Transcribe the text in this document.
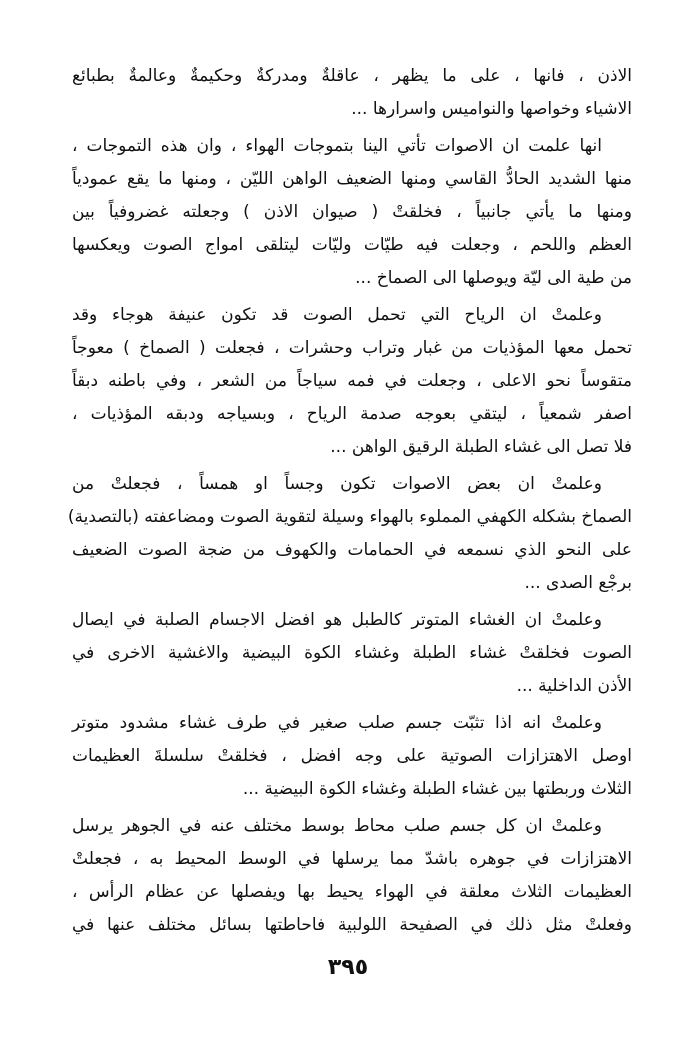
الاذن ، فانها ، على ما يظهر ، عاقلةٌ ومدركةٌ وحكيمةٌ وعالمةٌ بطبائع
الاشياء وخواصها والنواميس واسرارها ...
انها علمت ان الاصوات تأتي الينا بتموجات الهواء ، وان هذه التموجات ،
منها الشديد الحادُّ القاسي ومنها الضعيف الواهن الليّن ، ومنها ما يقع عمودياً
ومنها ما يأتي جانبياً ، فخلقتْ ( صيوان الاذن ) وجعلته غضروفياً بين
العظم واللحم ، وجعلت فيه طيّات وليّات ليتلقى امواج الصوت ويعكسها
من طية الى ليّة ويوصلها الى الصماخ ...
وعلمتْ ان الرياح التي تحمل الصوت قد تكون عنيفة هوجاء وقد
تحمل معها المؤذيات من غبار وتراب وحشرات ، فجعلت ( الصماخ ) معوجاً
متقوساً نحو الاعلى ، وجعلت في فمه سياجاً من الشعر ، وفي باطنه دبقاً
اصفر شمعياً ، ليتقي بعوجه صدمة الرياح ، وبسياجه ودبقه المؤذيات ،
فلا تصل الى غشاء الطبلة الرقيق الواهن ...
وعلمتْ ان بعض الاصوات تكون وجساً او همساً ، فجعلتْ من
الصماخ بشكله الكهفي المملوء بالهواء وسيلة لتقوية الصوت ومضاعفته (بالتصدية)
على النحو الذي نسمعه في الحمامات والكهوف من ضجة الصوت الضعيف
برجْع الصدى ...
وعلمتْ ان الغشاء المتوتر كالطبل هو افضل الاجسام الصلبة في ايصال
الصوت فخلقتْ غشاء الطبلة وغشاء الكوة البيضية والاغشية الاخرى في
الأذن الداخلية ...
وعلمتْ انه اذا تثبّت جسم صلب صغير في طرف غشاء مشدود متوتر
اوصل الاهتزازات الصوتية على وجه افضل ، فخلقتْ سلسلةَ العظيمات
الثلاث وربطتها بين غشاء الطبلة وغشاء الكوة البيضية ...
وعلمتْ ان كل جسم صلب محاط بوسط مختلف عنه في الجوهر يرسل
الاهتزازات في جوهره باشدّ مما يرسلها في الوسط المحيط به ، فجعلتْ
العظيمات الثلاث معلقة في الهواء يحيط بها ويفصلها عن عظام الرأس ،
وفعلتْ مثل ذلك في الصفيحة اللولبية فاحاطتها بسائل مختلف عنها في
٣٩٥
